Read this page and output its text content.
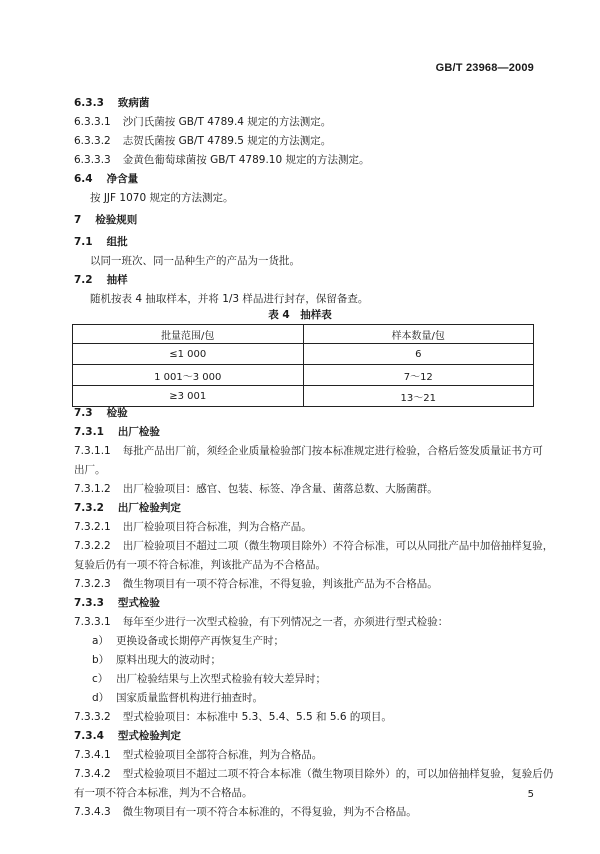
GB/T 23968—2009
6.3.3 致病菌
6.3.3.1 沙门氏菌按 GB/T 4789.4 规定的方法测定。
6.3.3.2 志贺氏菌按 GB/T 4789.5 规定的方法测定。
6.3.3.3 金黄色葡萄球菌按 GB/T 4789.10 规定的方法测定。
6.4 净含量
按 JJF 1070 规定的方法测定。
7 检验规则
7.1 组批
以同一班次、同一品种生产的产品为一货批。
7.2 抽样
随机按表 4 抽取样本，并将 1/3 样品进行封存，保留备查。
7.3 检验
7.3.1 出厂检验
7.3.1.1 每批产品出厂前，须经企业质量检验部门按本标准规定进行检验，合格后签发质量证书方可
出厂。
7.3.1.2 出厂检验项目：感官、包装、标签、净含量、菌落总数、大肠菌群。
7.3.2 出厂检验判定
7.3.2.1 出厂检验项目符合标准，判为合格产品。
7.3.2.2 出厂检验项目不超过二项（微生物项目除外）不符合标准，可以从同批产品中加倍抽样复验，
复验后仍有一项不符合标准，判该批产品为不合格品。
7.3.2.3 微生物项目有一项不符合标准，不得复验，判该批产品为不合格品。
7.3.3 型式检验
7.3.3.1 每年至少进行一次型式检验，有下列情况之一者，亦须进行型式检验：
a） 更换设备或长期停产再恢复生产时；
b） 原料出现大的波动时；
c） 出厂检验结果与上次型式检验有较大差异时；
d） 国家质量监督机构进行抽查时。
7.3.3.2 型式检验项目：本标准中 5.3、5.4、5.5 和 5.6 的项目。
7.3.4 型式检验判定
7.3.4.1 型式检验项目全部符合标准，判为合格品。
7.3.4.2 型式检验项目不超过二项不符合本标准（微生物项目除外）的，可以加倍抽样复验，复验后仍
有一项不符合本标准，判为不合格品。
7.3.4.3 微生物项目有一项不符合本标准的，不得复验，判为不合格品。
表 4　抽样表
批量范围/包	样本数量/包
≤1 000	6
1 001～3 000	7～12
≥3 001	13～21
5
